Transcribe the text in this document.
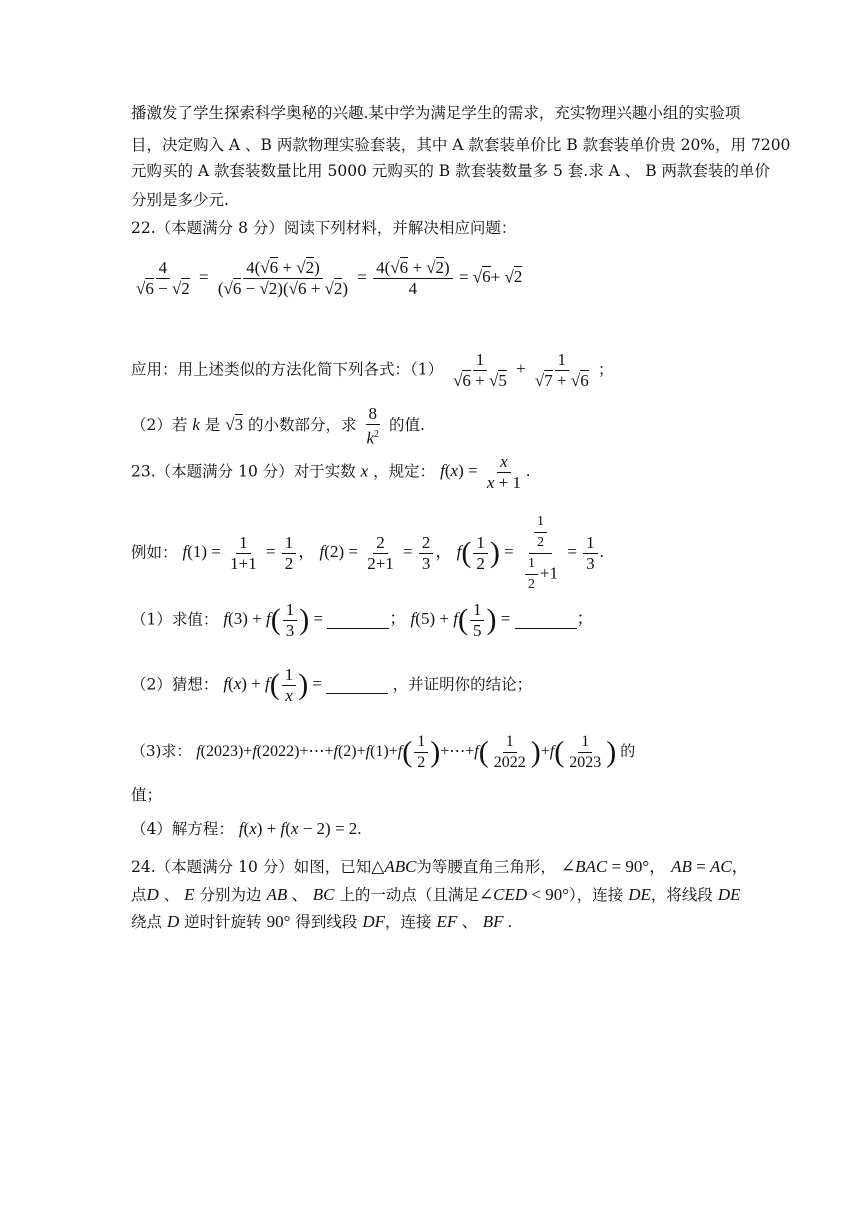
播激发了学生探索科学奥秘的兴趣.某中学为满足学生的需求，充实物理兴趣小组的实验项
目，决定购入 A 、B 两款物理实验套装，其中 A 款套装单价比 B 款套装单价贵 20%，用 7200
元购买的 A 款套装数量比用 5000 元购买的 B 款套装数量多 5 套.求 A 、 B 两款套装的单价
分别是多少元.
22.（本题满分 8 分）阅读下列材料，并解决相应问题：
$\frac{4}{√6 - √2} = \frac{4(√6 + √2)}{(√6 - √2)(√6 + √2)} = \frac{4(√6 + √2)}{4} = √6+ √2$
应用：用上述类似的方法化简下列各式：$(1) \frac{1}{√6 + √5} + \frac{1}{√7 + √6}$ ；
（2）若 k 是 √3 的小数部分，求 $\frac{8}{k^2}$ 的值.
23.（本题满分 10 分）对于实数 x ，规定： $f(x) = \frac{x}{x + 1}$ .
例如： $f(1) = \frac{1}{1+1} = \frac{1}{2}$ ， $f(2) = \frac{2}{2+1} = \frac{2}{3}$ ， $f( \frac{1}{2}$ ) = $\frac{\frac{1}{2}}{\frac{1}{2} +1} = \frac{1}{3}$ .
（1）求值： $f(3) + f( \frac{1}{3}$ ) =	； $f(5) + f( \frac{1}{5}$ ) =	；
（2）猜想： $f(x) + f( \frac{1}{x}$ ) =	，并证明你的结论；
（3)求： f(2023)+f(2022)+⋯+f(2)+f(1)+f( $\frac{1}{2}$ )+⋯+f( $\frac{1}{2022} )+f( \frac{1}{2023}$ ) 的
值；
（4）解方程： f(x) + f(x − 2) = 2.
24.（本题满分 10 分）如图，已知△ABC为等腰直角三角形， ∠BAC = 90°， AB = AC，
点D 、 E 分别为边 AB 、 BC 上的一动点（且满足∠CED < 90°），连接 DE，将线段 DE
绕点 D 逆时针旋转 90° 得到线段 DF，连接 EF 、 BF .
